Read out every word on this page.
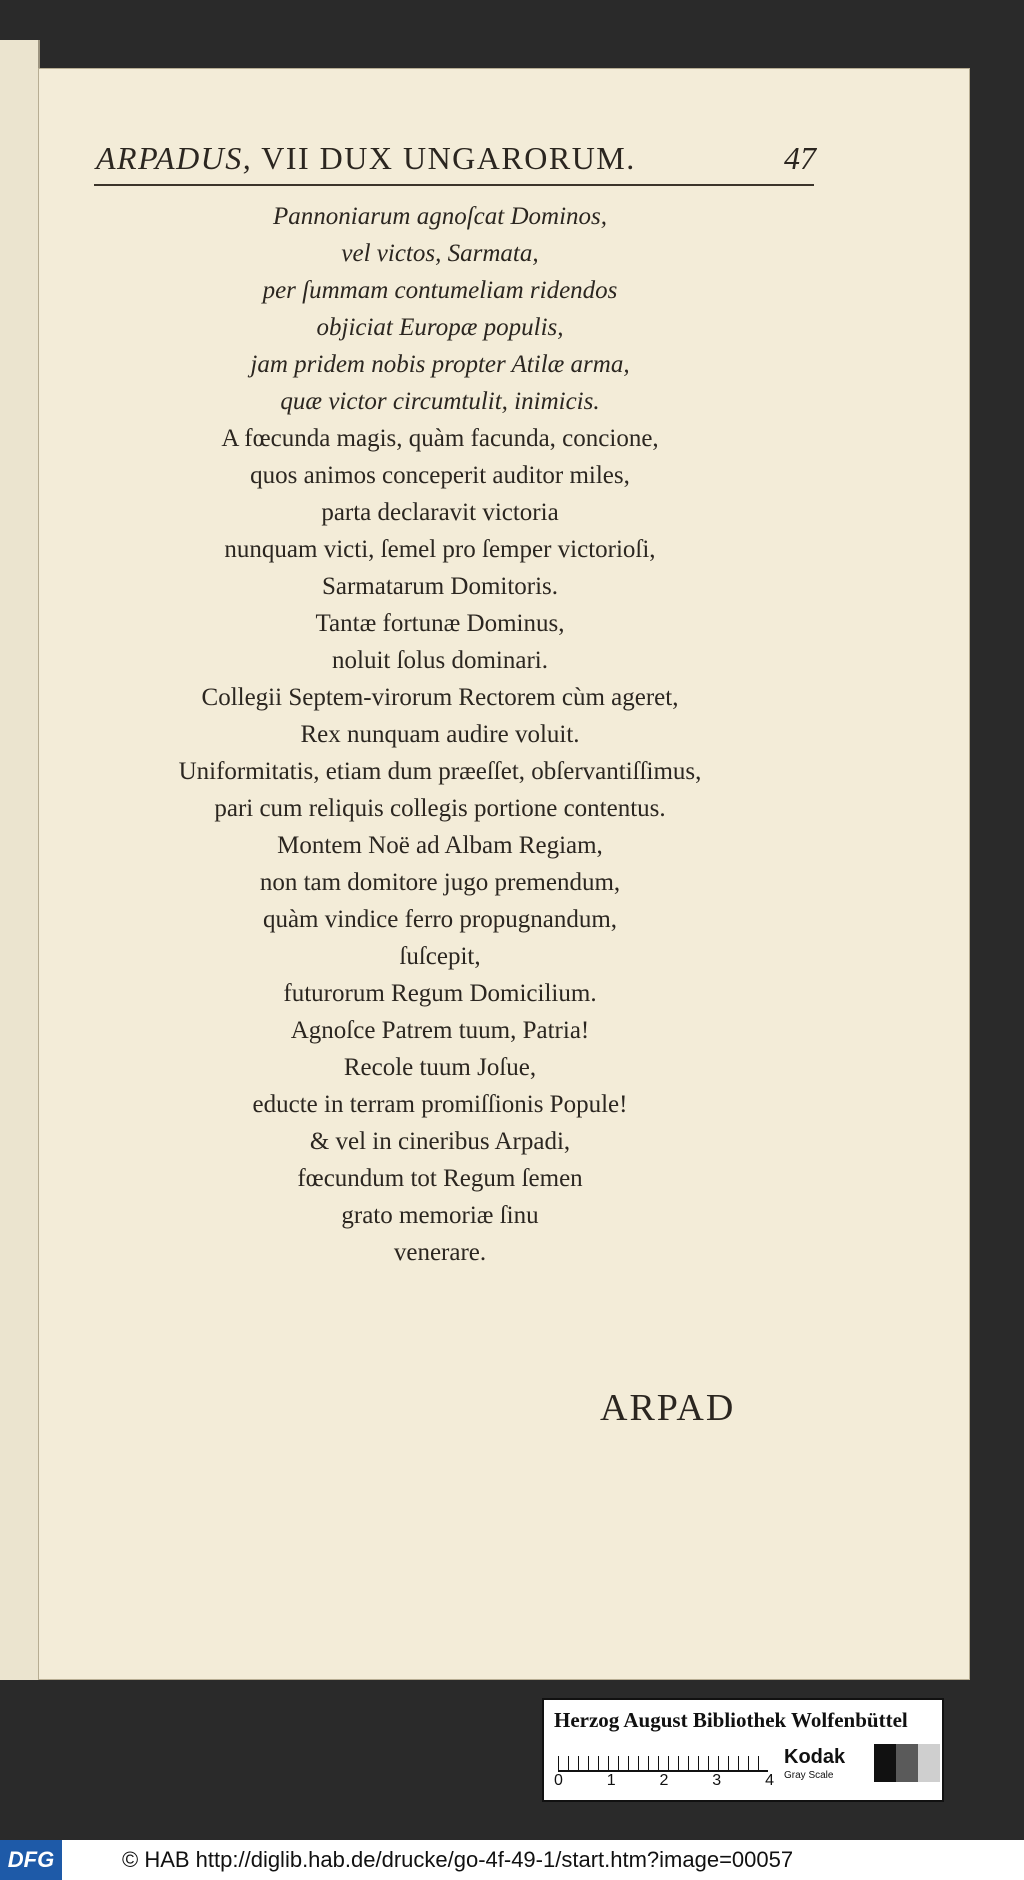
ARPADUS, VII DUX UNGARORUM.	47
Pannoniarum agnoſcat Dominos,
vel victos, Sarmata,
per ſummam contumeliam ridendos
objiciat Europæ populis,
jam pridem nobis propter Atilæ arma,
quæ victor circumtulit, inimicis.
A fœcunda magis, quàm facunda, concione,
quos animos conceperit auditor miles,
parta declaravit victoria
nunquam victi, ſemel pro ſemper victorioſi,
Sarmatarum Domitoris.
Tantæ fortunæ Dominus,
noluit ſolus dominari.
Collegii Septem-virorum Rectorem cùm ageret,
Rex nunquam audire voluit.
Uniformitatis, etiam dum præeſſet, obſervantiſſimus,
pari cum reliquis collegis portione contentus.
Montem Noë ad Albam Regiam,
non tam domitore jugo premendum,
quàm vindice ferro propugnandum,
ſuſcepit,
futurorum Regum Domicilium.
Agnoſce Patrem tuum, Patria!
Recole tuum Joſue,
educte in terram promiſſionis Popule!
& vel in cineribus Arpadi,
fœcundum tot Regum ſemen
grato memoriæ ſinu
venerare.
ARPAD
Herzog August Bibliothek Wolfenbüttel
0	1	2	3	4
Kodak
Gray Scale
DFG	© HAB http://diglib.hab.de/drucke/go-4f-49-1/start.htm?image=00057
